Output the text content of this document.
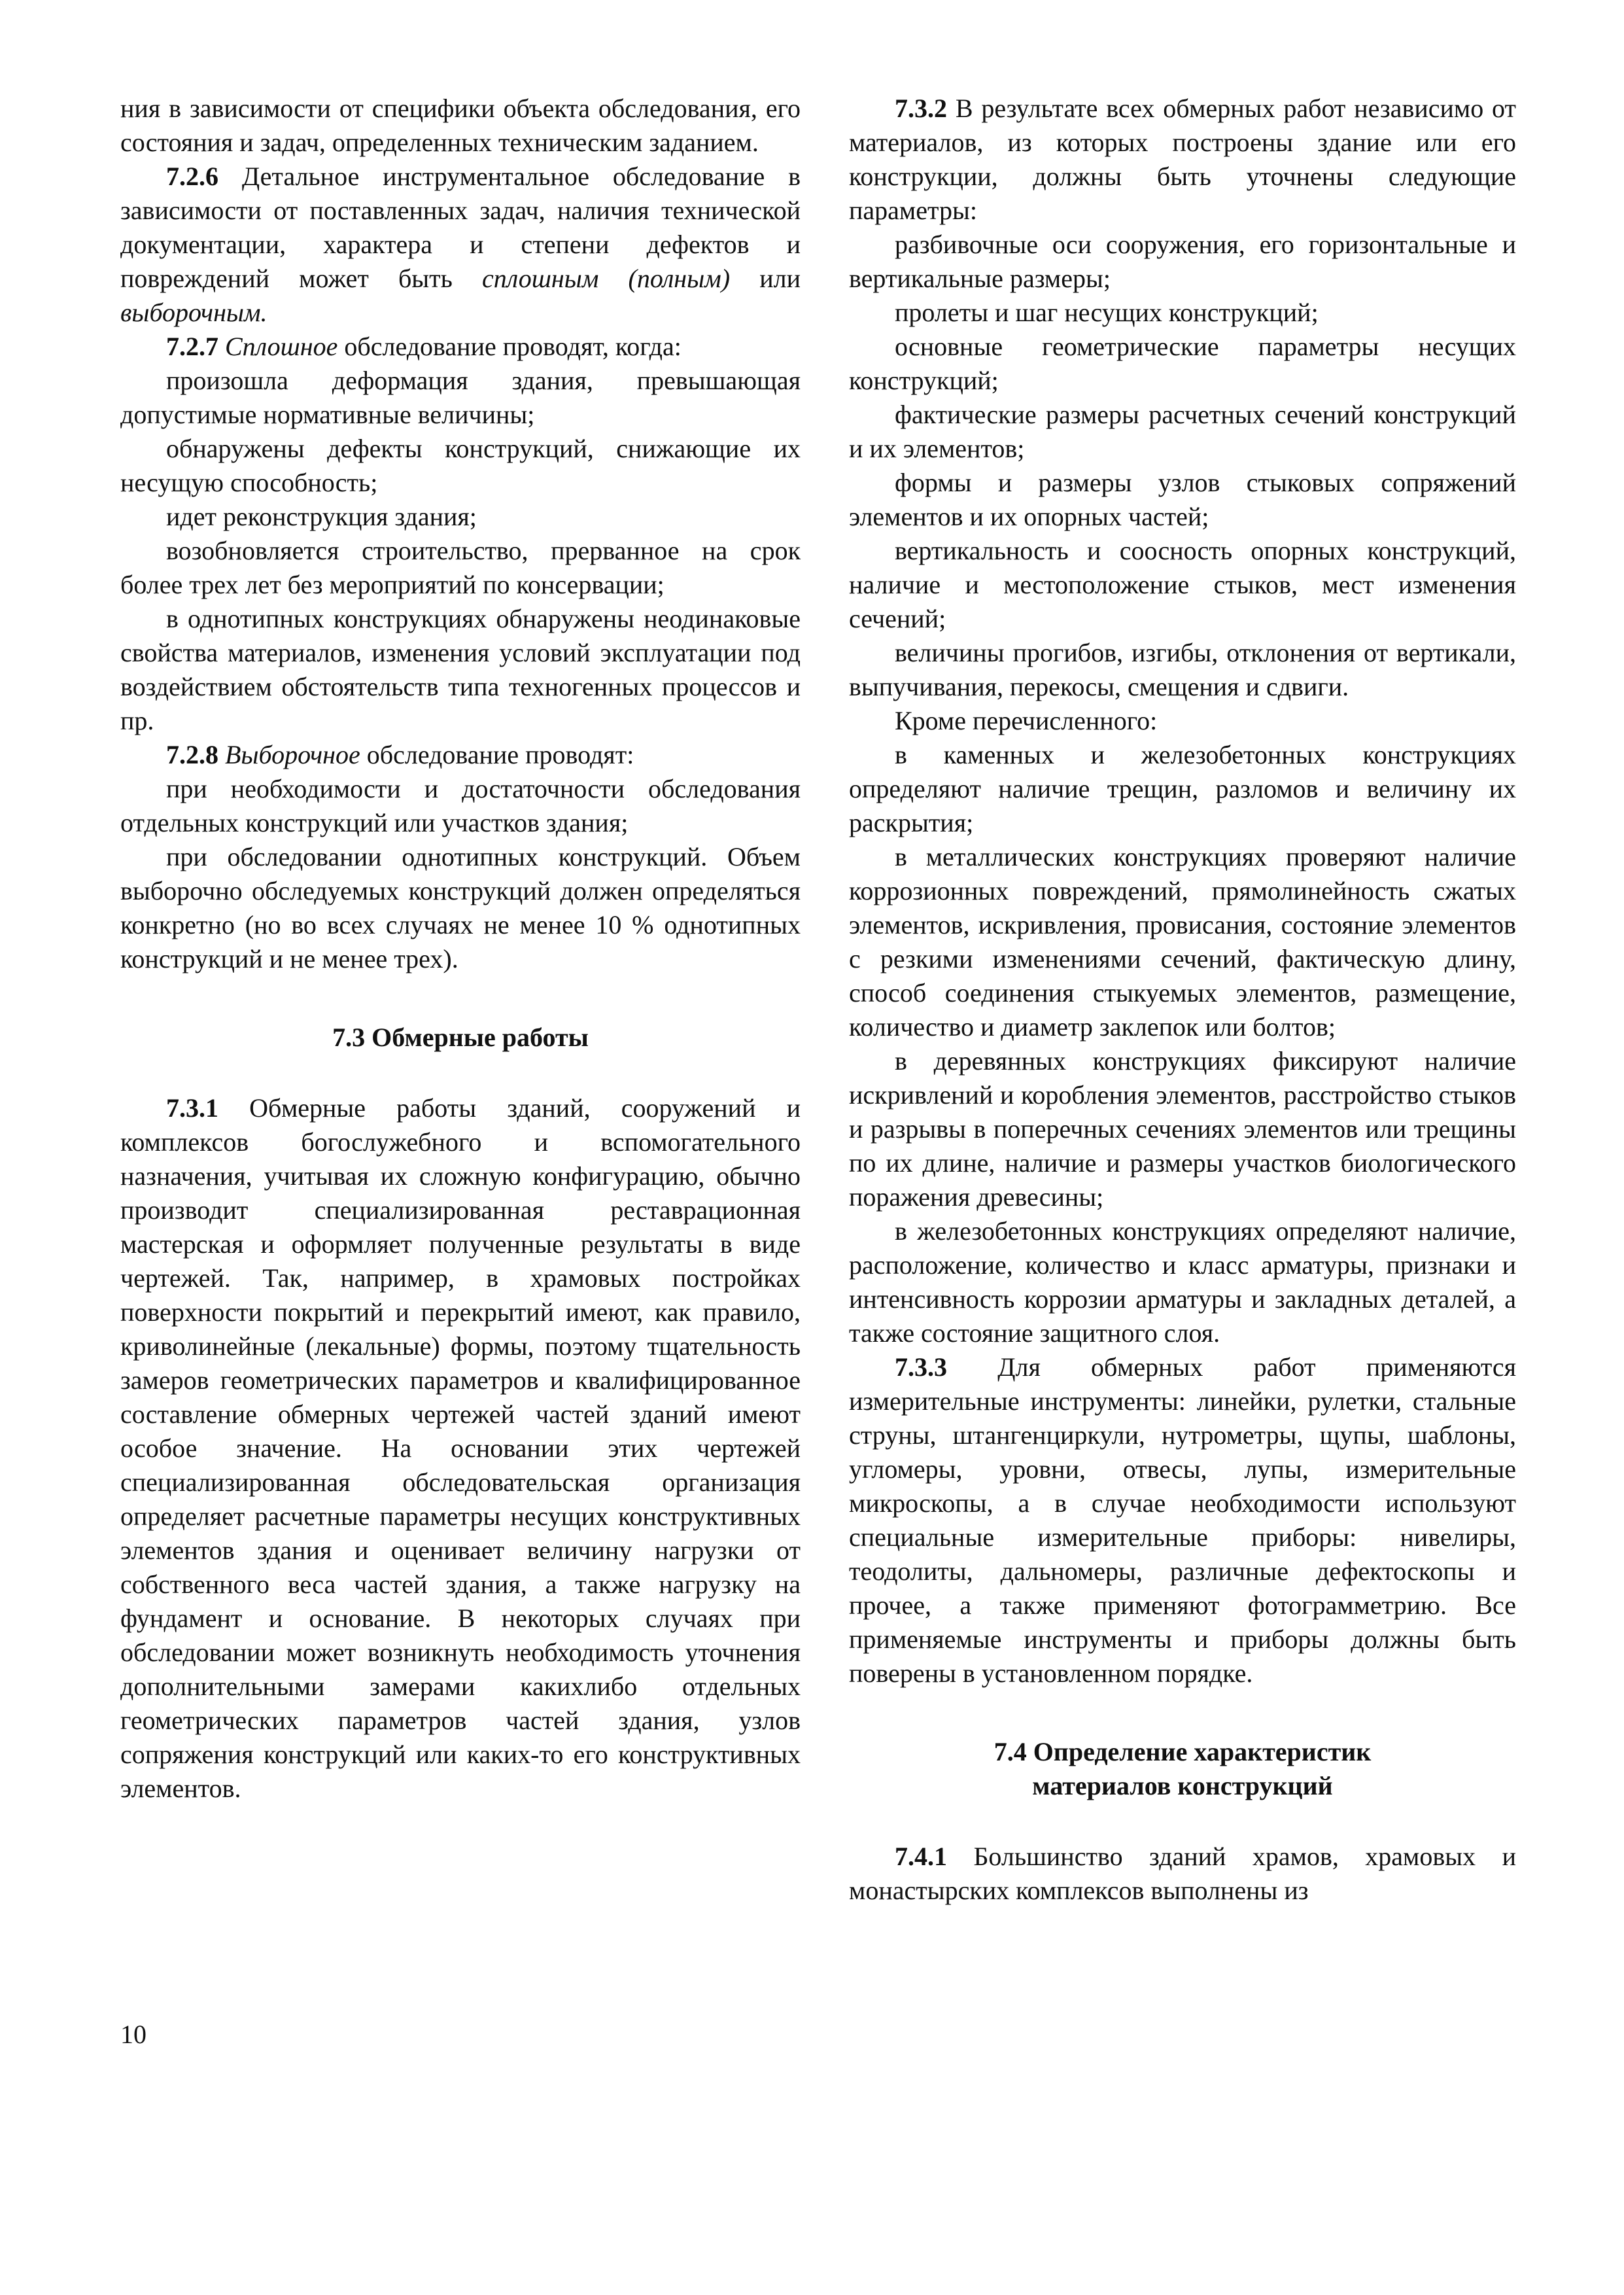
ния в зависимости от специфики объекта обследования, его состояния и задач, определенных техническим заданием.

7.2.6 Детальное инструментальное обследование в зависимости от поставленных задач, наличия технической документации, характера и степени дефектов и повреждений может быть сплошным (полным) или выборочным.

7.2.7 Сплошное обследование проводят, когда:

произошла деформация здания, превышающая допустимые нормативные величины;

обнаружены дефекты конструкций, снижающие их несущую способность;

идет реконструкция здания;

возобновляется строительство, прерванное на срок более трех лет без мероприятий по консервации;

в однотипных конструкциях обнаружены неодинаковые свойства материалов, изменения условий эксплуатации под воздействием обстоятельств типа техногенных процессов и пр.

7.2.8 Выборочное обследование проводят:

при необходимости и достаточности обследования отдельных конструкций или участков здания;

при обследовании однотипных конструкций. Объем выборочно обследуемых конструкций должен определяться конкретно (но во всех случаях не менее 10 % однотипных конструкций и не менее трех).

7.3 Обмерные работы

7.3.1 Обмерные работы зданий, сооружений и комплексов богослужебного и вспомогательного назначения, учитывая их сложную конфигурацию, обычно производит специализированная реставрационная мастерская и оформляет полученные результаты в виде чертежей. Так, например, в храмовых постройках поверхности покрытий и перекрытий имеют, как правило, криволинейные (лекальные) формы, поэтому тщательность замеров геометрических параметров и квалифицированное составление обмерных чертежей частей зданий имеют особое значение. На основании этих чертежей специализированная обследовательская организация определяет расчетные параметры несущих конструктивных элементов здания и оценивает величину нагрузки от собственного веса частей здания, а также нагрузку на фундамент и основание. В некоторых случаях при обследовании может возникнуть необходимость уточнения дополнительными замерами какихлибо отдельных геометрических параметров частей здания, узлов сопряжения конструкций или каких-то его конструктивных элементов.

7.3.2 В результате всех обмерных работ независимо от материалов, из которых построены здание или его конструкции, должны быть уточнены следующие параметры:

разбивочные оси сооружения, его горизонтальные и вертикальные размеры;

пролеты и шаг несущих конструкций;

основные геометрические параметры несущих конструкций;

фактические размеры расчетных сечений конструкций и их элементов;

формы и размеры узлов стыковых сопряжений элементов и их опорных частей;

вертикальность и соосность опорных конструкций, наличие и местоположение стыков, мест изменения сечений;

величины прогибов, изгибы, отклонения от вертикали, выпучивания, перекосы, смещения и сдвиги.

Кроме перечисленного:

в каменных и железобетонных конструкциях определяют наличие трещин, разломов и величину их раскрытия;

в металлических конструкциях проверяют наличие коррозионных повреждений, прямолинейность сжатых элементов, искривления, провисания, состояние элементов с резкими изменениями сечений, фактическую длину, способ соединения стыкуемых элементов, размещение, количество и диаметр заклепок или болтов;

в деревянных конструкциях фиксируют наличие искривлений и коробления элементов, расстройство стыков и разрывы в поперечных сечениях элементов или трещины по их длине, наличие и размеры участков биологического поражения древесины;

в железобетонных конструкциях определяют наличие, расположение, количество и класс арматуры, признаки и интенсивность коррозии арматуры и закладных деталей, а также состояние защитного слоя.

7.3.3 Для обмерных работ применяются измерительные инструменты: линейки, рулетки, стальные струны, штангенциркули, нутрометры, щупы, шаблоны, угломеры, уровни, отвесы, лупы, измерительные микроскопы, а в случае необходимости используют специальные измерительные приборы: нивелиры, теодолиты, дальномеры, различные дефектоскопы и прочее, а также применяют фотограмметрию. Все применяемые инструменты и приборы должны быть поверены в установленном порядке.

7.4 Определение характеристик
материалов конструкций

7.4.1 Большинство зданий храмов, храмовых и монастырских комплексов выполнены из

10
